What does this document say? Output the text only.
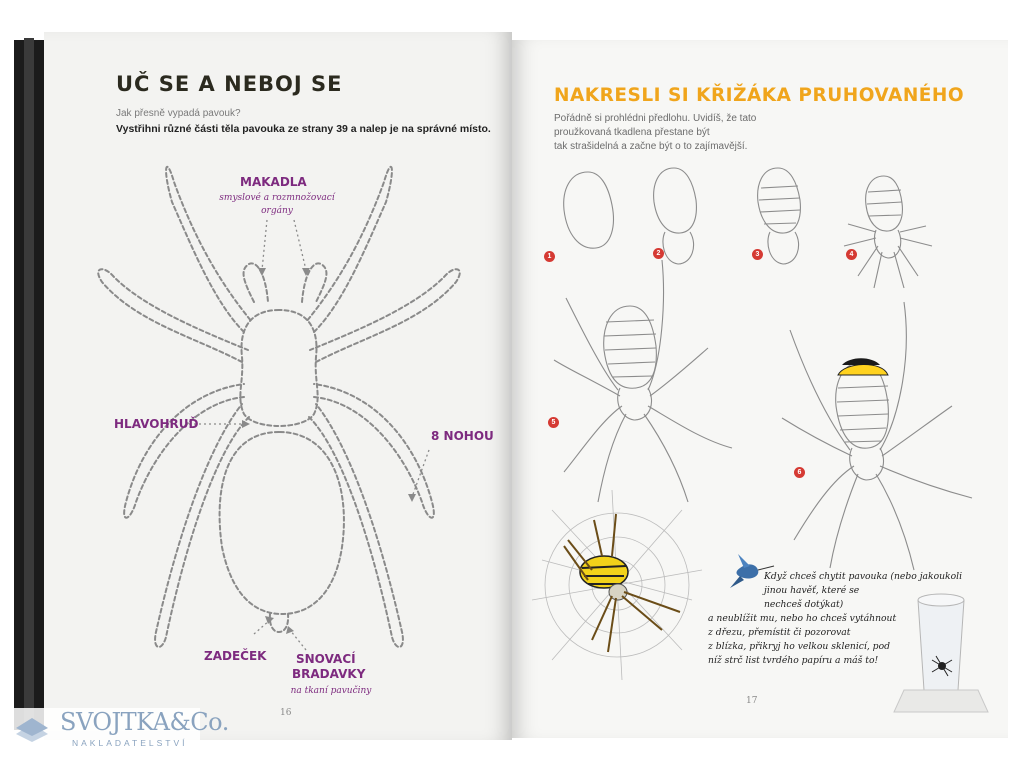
UČ SE A NEBOJ SE
Jak přesně vypadá pavouk?
Vystřihni různé části těla pavouka ze strany 39 a nalep je na správné místo.
MAKADLA
smyslové a rozmnožovací
orgány
HLAVOHRUĎ
8 NOHOU
ZADEČEK SNOVACÍ
BRADAVKY
na tkaní pavučiny
16
NAKRESLI SI KŘIŽÁKA PRUHOVANÉHO
Pořádně si prohlédni předlohu. Uvidíš, že tato proužkovaná tkadlena přestane být
tak strašidelná a začne být o to zajímavější.
1	2	3	4
5
6
Když chceš chytit pavouka (nebo jakoukoli
jinou havěť, které se
nechceš dotýkat)
a neublížit mu, nebo ho chceš vytáhnout
z dřezu, přemístit či pozorovat
z blízka, přikryj ho velkou sklenicí, pod
níž strč list tvrdého papíru a máš to!
17
SVOJTKA&Co.
NAKLADATELSTVÍ
